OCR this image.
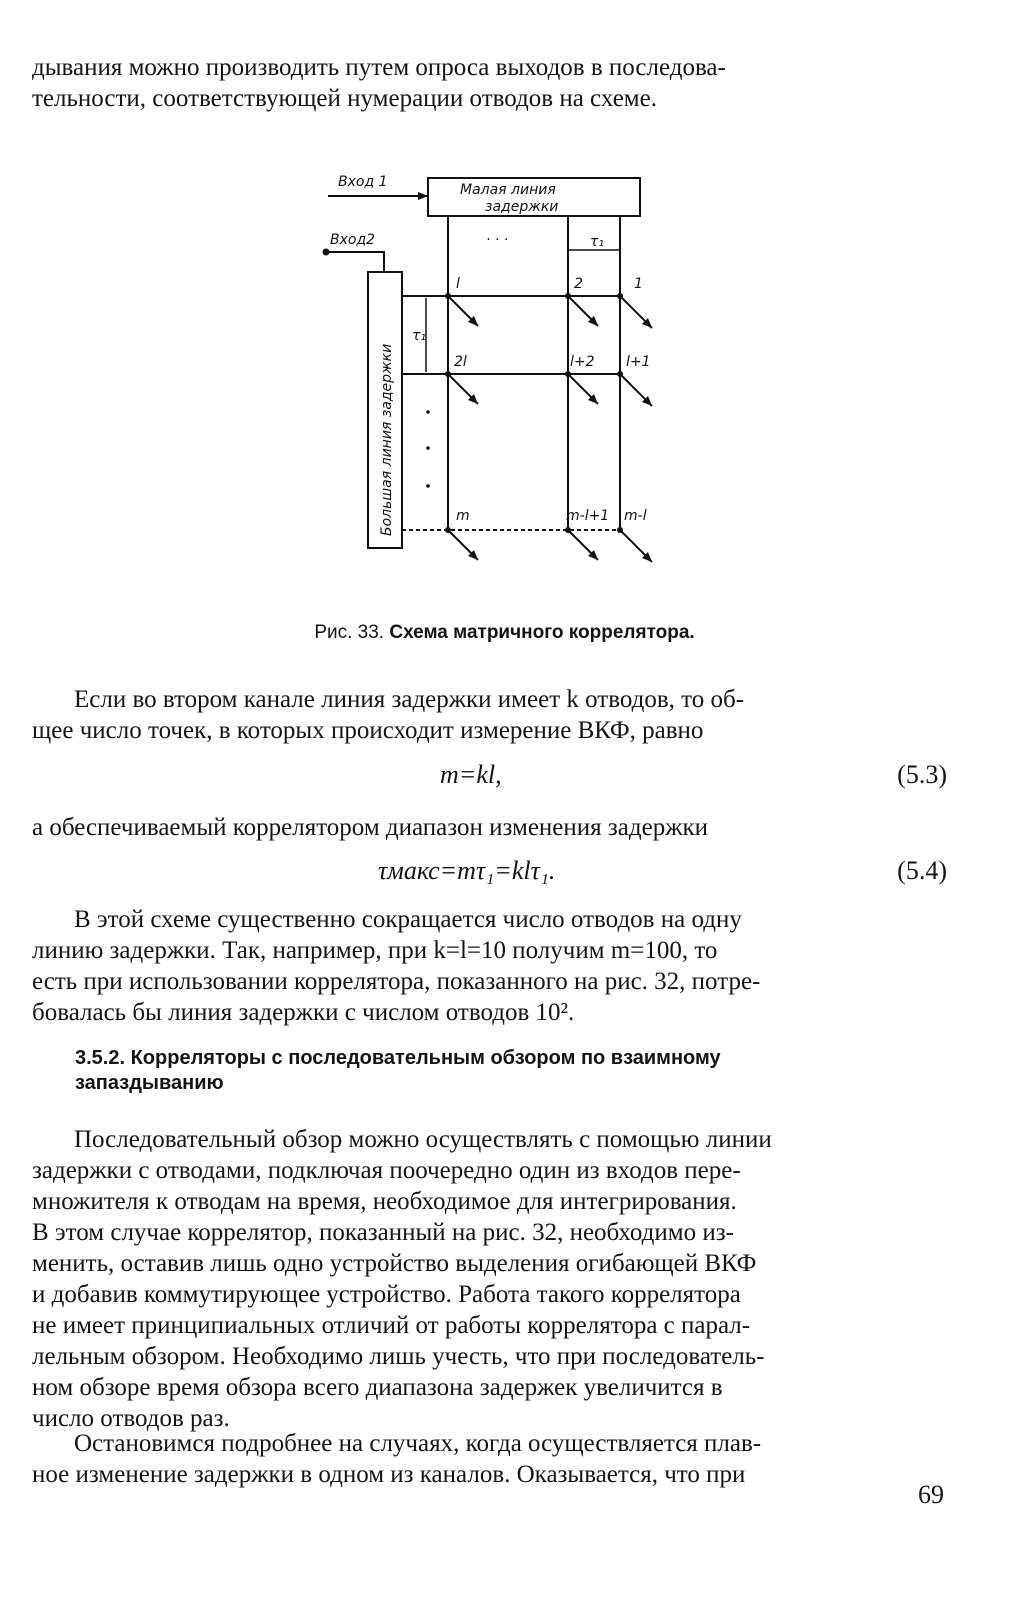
дывания можно производить путем опроса выходов в последова-
тельности, соответствующей нумерации отводов на схеме.
Вход 1
Вход2
Малая линия
задержки
Большая линия задержки
τ₁
τ₁
· · ·
l	2	1
2l	l+2 l+1
m	m-l+1 m-l
Рис. 33. Схема матричного коррелятора.
Если во втором канале линия задержки имеет k отводов, то об-
щее число точек, в которых происходит измерение ВКФ, равно
m=kl,	(5.3)
а обеспечиваемый коррелятором диапазон изменения задержки
τмакс=mτ₁=klτ₁.	(5.4)
В этой схеме существенно сокращается число отводов на одну
линию задержки. Так, например, при k=l=10 получим m=100, то
есть при использовании коррелятора, показанного на рис. 32, потре-
бовалась бы линия задержки с числом отводов 10².
3.5.2. Корреляторы с последовательным обзором по взаимному
запаздыванию
Последовательный обзор можно осуществлять с помощью линии
задержки с отводами, подключая поочередно один из входов пере-
множителя к отводам на время, необходимое для интегрирования.
В этом случае коррелятор, показанный на рис. 32, необходимо из-
менить, оставив лишь одно устройство выделения огибающей ВКФ
и добавив коммутирующее устройство. Работа такого коррелятора
не имеет принципиальных отличий от работы коррелятора с парал-
лельным обзором. Необходимо лишь учесть, что при последователь-
ном обзоре время обзора всего диапазона задержек увеличится в
число отводов раз.
Остановимся подробнее на случаях, когда осуществляется плав-
ное изменение задержки в одном из каналов. Оказывается, что при
69
